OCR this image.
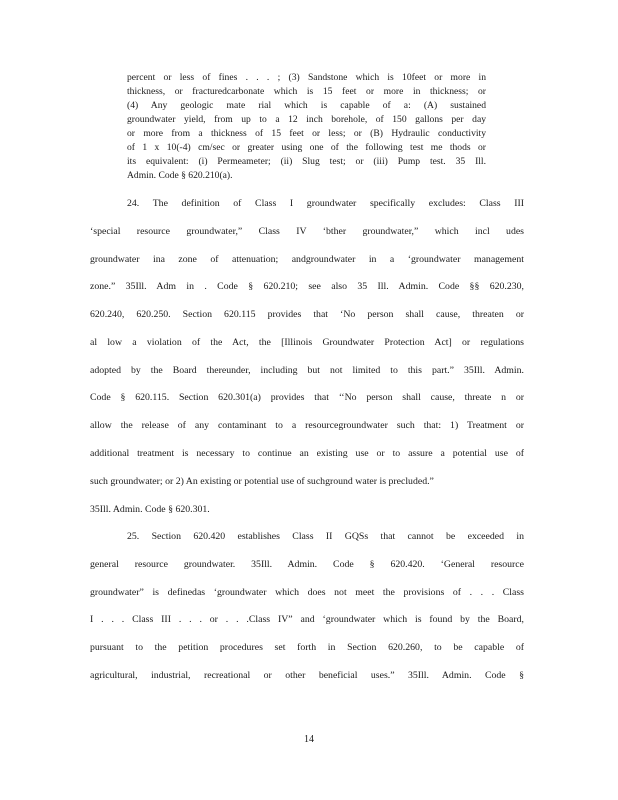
percent or less of fines . . . ; (3) Sandstone which is 10feet or more in
thickness, or fracturedcarbonate which is 15 feet or more in thickness; or
(4) Any geologic mate rial which is capable of a: (A) sustained
groundwater yield, from up to a 12 inch borehole, of 150 gallons per day
or more from a thickness of 15 feet or less; or (B) Hydraulic conductivity
of 1 x 10(-4) cm/sec or greater using one of the following test me thods or
its equivalent: (i) Permeameter; (ii) Slug test; or (iii) Pump test. 35 Ill.
Admin. Code § 620.210(a).
24. The definition of Class I groundwater specifically excludes: Class III
‘special resource groundwater,” Class IV ‘bther groundwater,” which incl udes
groundwater ina zone of attenuation; andgroundwater in a ‘groundwater management
zone.” 35Ill. Adm in . Code § 620.210; see also 35 Ill. Admin. Code §§ 620.230,
620.240, 620.250. Section 620.115 provides that ‘No person shall cause, threaten or
al low a violation of the Act, the [Illinois Groundwater Protection Act] or regulations
adopted by the Board thereunder, including but not limited to this part.” 35Ill. Admin.
Code § 620.115. Section 620.301(a) provides that ‘‘No person shall cause, threate n or
allow the release of any contaminant to a resourcegroundwater such that: 1) Treatment or
additional treatment is necessary to continue an existing use or to assure a potential use of
such groundwater; or 2) An existing or potential use of suchground water is precluded.”
35Ill. Admin. Code § 620.301.
25. Section 620.420 establishes Class II GQSs that cannot be exceeded in
general resource groundwater. 35Ill. Admin. Code § 620.420. ‘General resource
groundwater” is definedas ‘groundwater which does not meet the provisions of . . . Class
I . . . Class III . . . or . . .Class IV” and ‘groundwater which is found by the Board,
pursuant to the petition procedures set forth in Section 620.260, to be capable of
agricultural, industrial, recreational or other beneficial uses.” 35Ill. Admin. Code §
14
